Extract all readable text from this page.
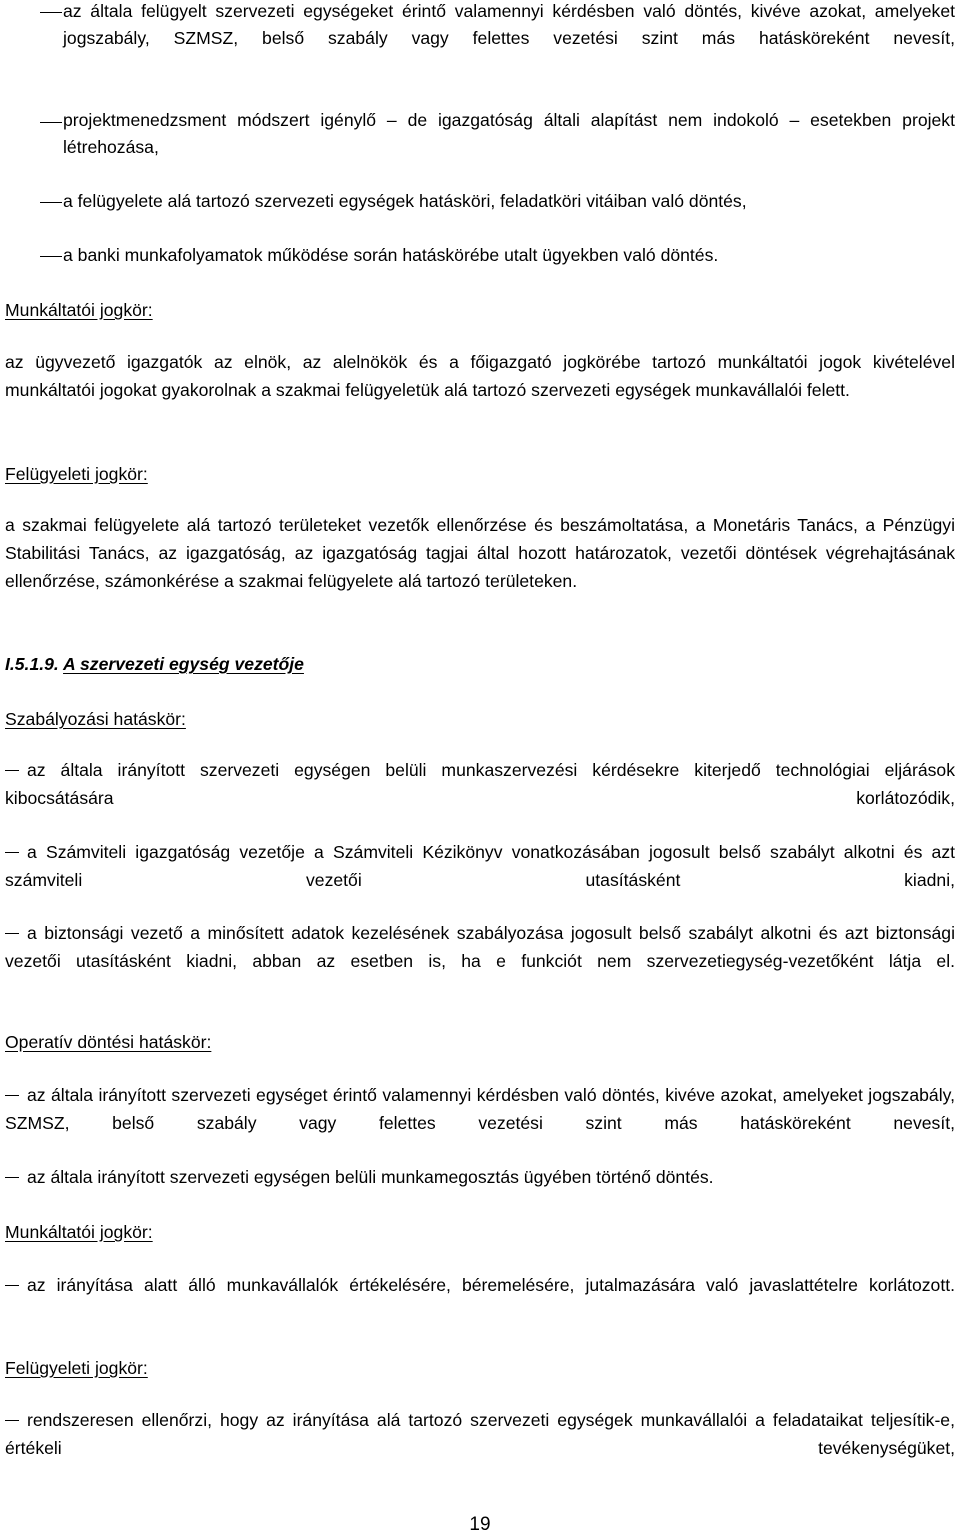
az általa felügyelt szervezeti egységeket érintő valamennyi kérdésben való döntés, kivéve azokat, amelyeket jogszabály, SZMSZ, belső szabály vagy felettes vezetési szint más hatásköreként nevesít,

projektmenedzsment módszert igénylő – de igazgatóság általi alapítást nem indokoló – esetekben projekt létrehozása,

a felügyelete alá tartozó szervezeti egységek hatásköri, feladatköri vitáiban való döntés,

a banki munkafolyamatok működése során hatáskörébe utalt ügyekben való döntés.

Munkáltatói jogkör:

az ügyvezető igazgatók az elnök, az alelnökök és a főigazgató jogkörébe tartozó munkáltatói jogok kivételével munkáltatói jogokat gyakorolnak a szakmai felügyeletük alá tartozó szervezeti egységek munkavállalói felett.

Felügyeleti jogkör:

a szakmai felügyelete alá tartozó területeket vezetők ellenőrzése és beszámoltatása, a Monetáris Tanács, a Pénzügyi Stabilitási Tanács, az igazgatóság, az igazgatóság tagjai által hozott határozatok, vezetői döntések végrehajtásának ellenőrzése, számonkérése a szakmai felügyelete alá tartozó területeken.

I.5.1.9. A szervezeti egység vezetője

Szabályozási hatáskör:

az általa irányított szervezeti egységen belüli munkaszervezési kérdésekre kiterjedő technológiai eljárások kibocsátására korlátozódik,

a Számviteli igazgatóság vezetője a Számviteli Kézikönyv vonatkozásában jogosult belső szabályt alkotni és azt számviteli vezetői utasításként kiadni,

a biztonsági vezető a minősített adatok kezelésének szabályozása jogosult belső szabályt alkotni és azt biztonsági vezetői utasításként kiadni, abban az esetben is, ha e funkciót nem szervezetiegység-vezetőként látja el.

Operatív döntési hatáskör:

az általa irányított szervezeti egységet érintő valamennyi kérdésben való döntés, kivéve azokat, amelyeket jogszabály, SZMSZ, belső szabály vagy felettes vezetési szint más hatásköreként nevesít,

az általa irányított szervezeti egységen belüli munkamegosztás ügyében történő döntés.

Munkáltatói jogkör:

az irányítása alatt álló munkavállalók értékelésére, béremelésére, jutalmazására való javaslattételre korlátozott.

Felügyeleti jogkör:

rendszeresen ellenőrzi, hogy az irányítása alá tartozó szervezeti egységek munkavállalói a feladataikat teljesítik-e, értékeli tevékenységüket,

19
